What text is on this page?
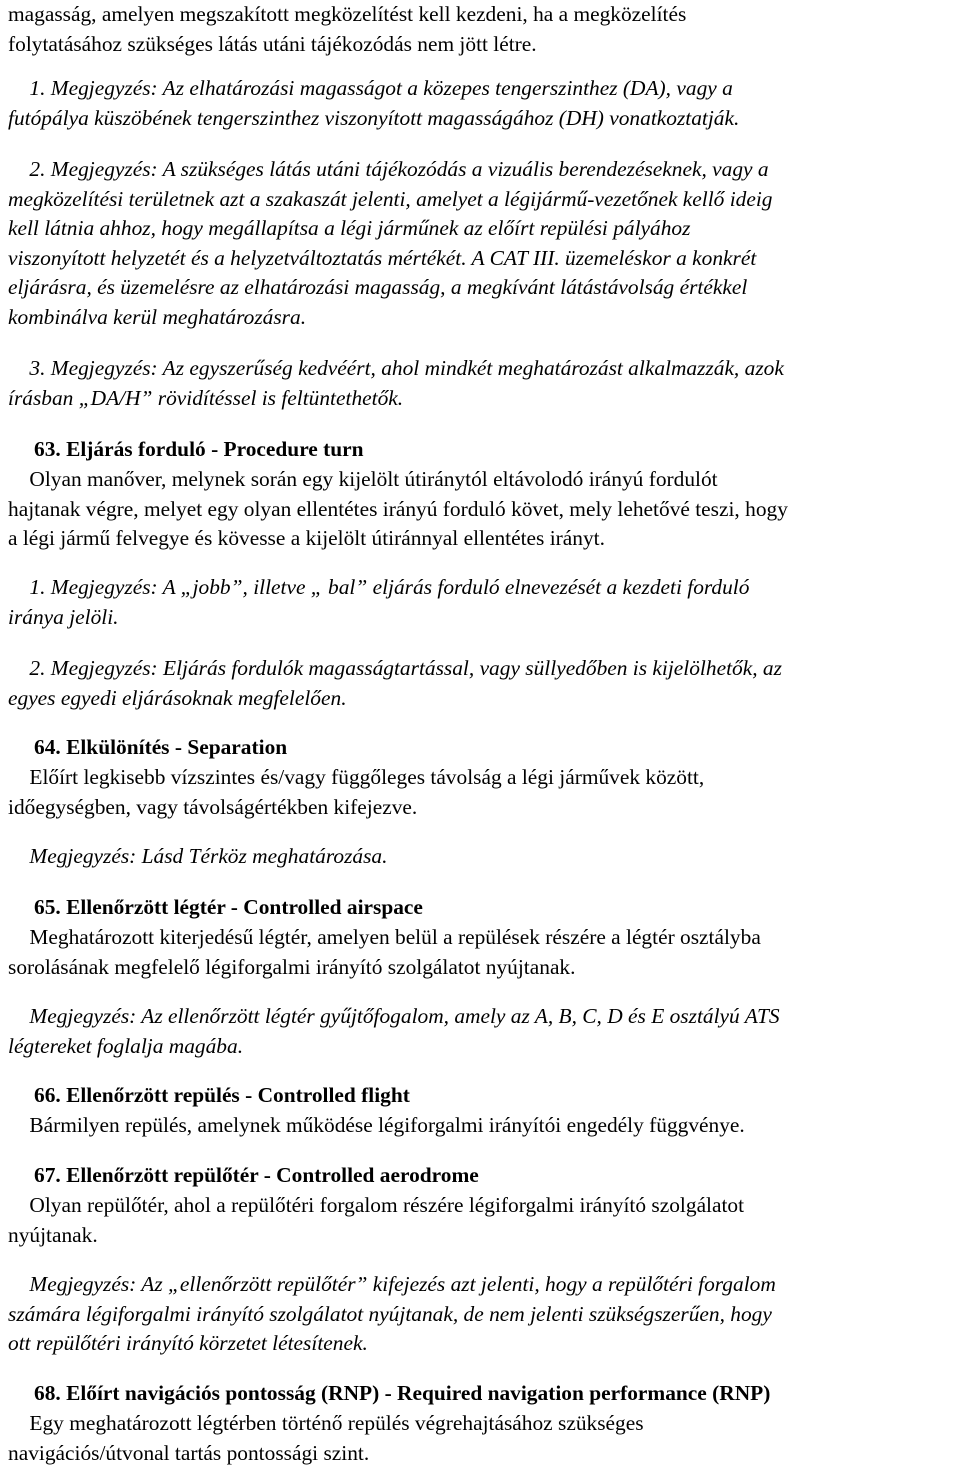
magasság, amelyen megszakított megközelítést kell kezdeni, ha a megközelítés
folytatásához szükséges látás utáni tájékozódás nem jött létre.

1. Megjegyzés: Az elhatározási magasságot a közepes tengerszinthez (DA), vagy a
futópálya küszöbének tengerszinthez viszonyított magasságához (DH) vonatkoztatják.

2. Megjegyzés: A szükséges látás utáni tájékozódás a vizuális berendezéseknek, vagy a
megközelítési területnek azt a szakaszát jelenti, amelyet a légijármű-vezetőnek kellő ideig
kell látnia ahhoz, hogy megállapítsa a légi járműnek az előírt repülési pályához
viszonyított helyzetét és a helyzetváltoztatás mértékét. A CAT III. üzemeléskor a konkrét
eljárásra, és üzemelésre az elhatározási magasság, a megkívánt látástávolság értékkel
kombinálva kerül meghatározásra.

3. Megjegyzés: Az egyszerűség kedvéért, ahol mindkét meghatározást alkalmazzák, azok
írásban „DA/H” rövidítéssel is feltüntethetők.

63. Eljárás forduló - Procedure turn

Olyan manőver, melynek során egy kijelölt útiránytól eltávolodó irányú fordulót
hajtanak végre, melyet egy olyan ellentétes irányú forduló követ, mely lehetővé teszi, hogy
a légi jármű felvegye és kövesse a kijelölt útiránnyal ellentétes irányt.

1. Megjegyzés: A „jobb”, illetve „ bal” eljárás forduló elnevezését a kezdeti forduló
iránya jelöli.

2. Megjegyzés: Eljárás fordulók magasságtartással, vagy süllyedőben is kijelölhetők, az
egyes egyedi eljárásoknak megfelelően.

64. Elkülönítés - Separation

Előírt legkisebb vízszintes és/vagy függőleges távolság a légi járművek között,
időegységben, vagy távolságértékben kifejezve.

Megjegyzés: Lásd Térköz meghatározása.

65. Ellenőrzött légtér - Controlled airspace

Meghatározott kiterjedésű légtér, amelyen belül a repülések részére a légtér osztályba
sorolásának megfelelő légiforgalmi irányító szolgálatot nyújtanak.

Megjegyzés: Az ellenőrzött légtér gyűjtőfogalom, amely az A, B, C, D és E osztályú ATS
légtereket foglalja magába.

66. Ellenőrzött repülés - Controlled flight

Bármilyen repülés, amelynek működése légiforgalmi irányítói engedély függvénye.

67. Ellenőrzött repülőtér - Controlled aerodrome

Olyan repülőtér, ahol a repülőtéri forgalom részére légiforgalmi irányító szolgálatot
nyújtanak.

Megjegyzés: Az „ellenőrzött repülőtér” kifejezés azt jelenti, hogy a repülőtéri forgalom
számára légiforgalmi irányító szolgálatot nyújtanak, de nem jelenti szükségszerűen, hogy
ott repülőtéri irányító körzetet létesítenek.

68. Előírt navigációs pontosság (RNP) - Required navigation performance (RNP)

Egy meghatározott légtérben történő repülés végrehajtásához szükséges
navigációs/útvonal tartás pontossági szint.
